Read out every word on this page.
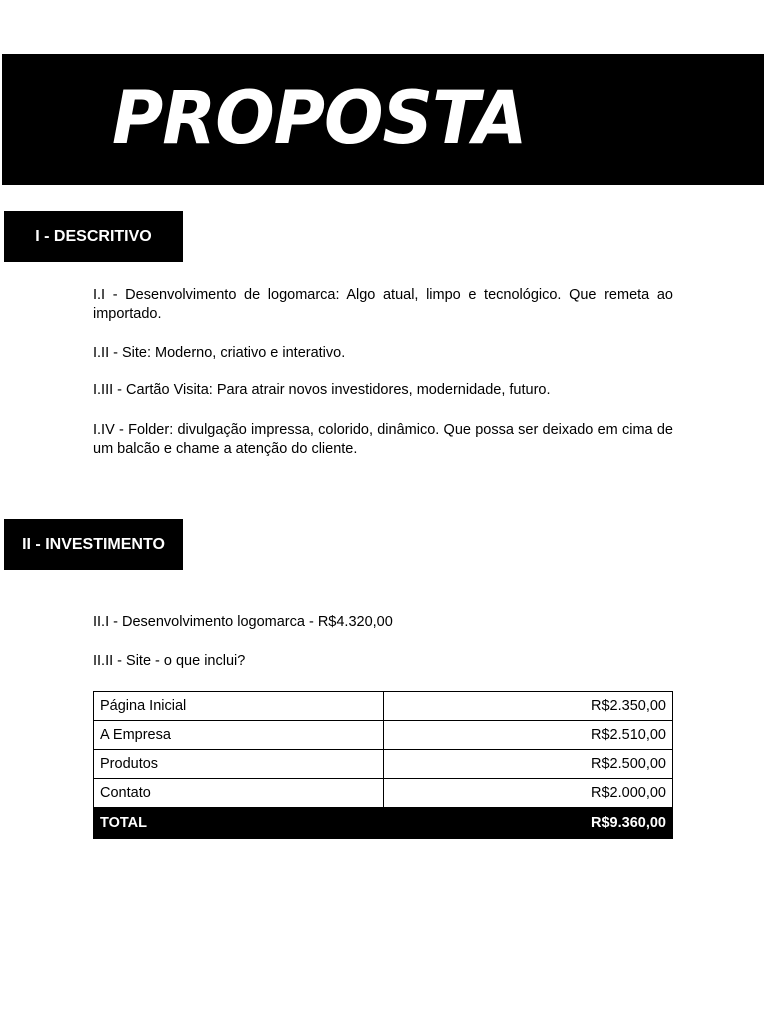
PROPOSTA
I - DESCRITIVO

I.I - Desenvolvimento de logomarca: Algo atual, limpo e tecnológico. Que remeta ao importado.

I.II - Site: Moderno, criativo e interativo.

I.III - Cartão Visita: Para atrair novos investidores, modernidade, futuro.

I.IV - Folder: divulgação impressa, colorido, dinâmico. Que possa ser deixado em cima de um balcão e chame a atenção do cliente.

II - INVESTIMENTO

II.I - Desenvolvimento logomarca - R$4.320,00

II.II - Site - o que inclui?

Página Inicial	R$2.350,00
A Empresa	R$2.510,00
Produtos	R$2.500,00
Contato	R$2.000,00
TOTAL	R$9.360,00
